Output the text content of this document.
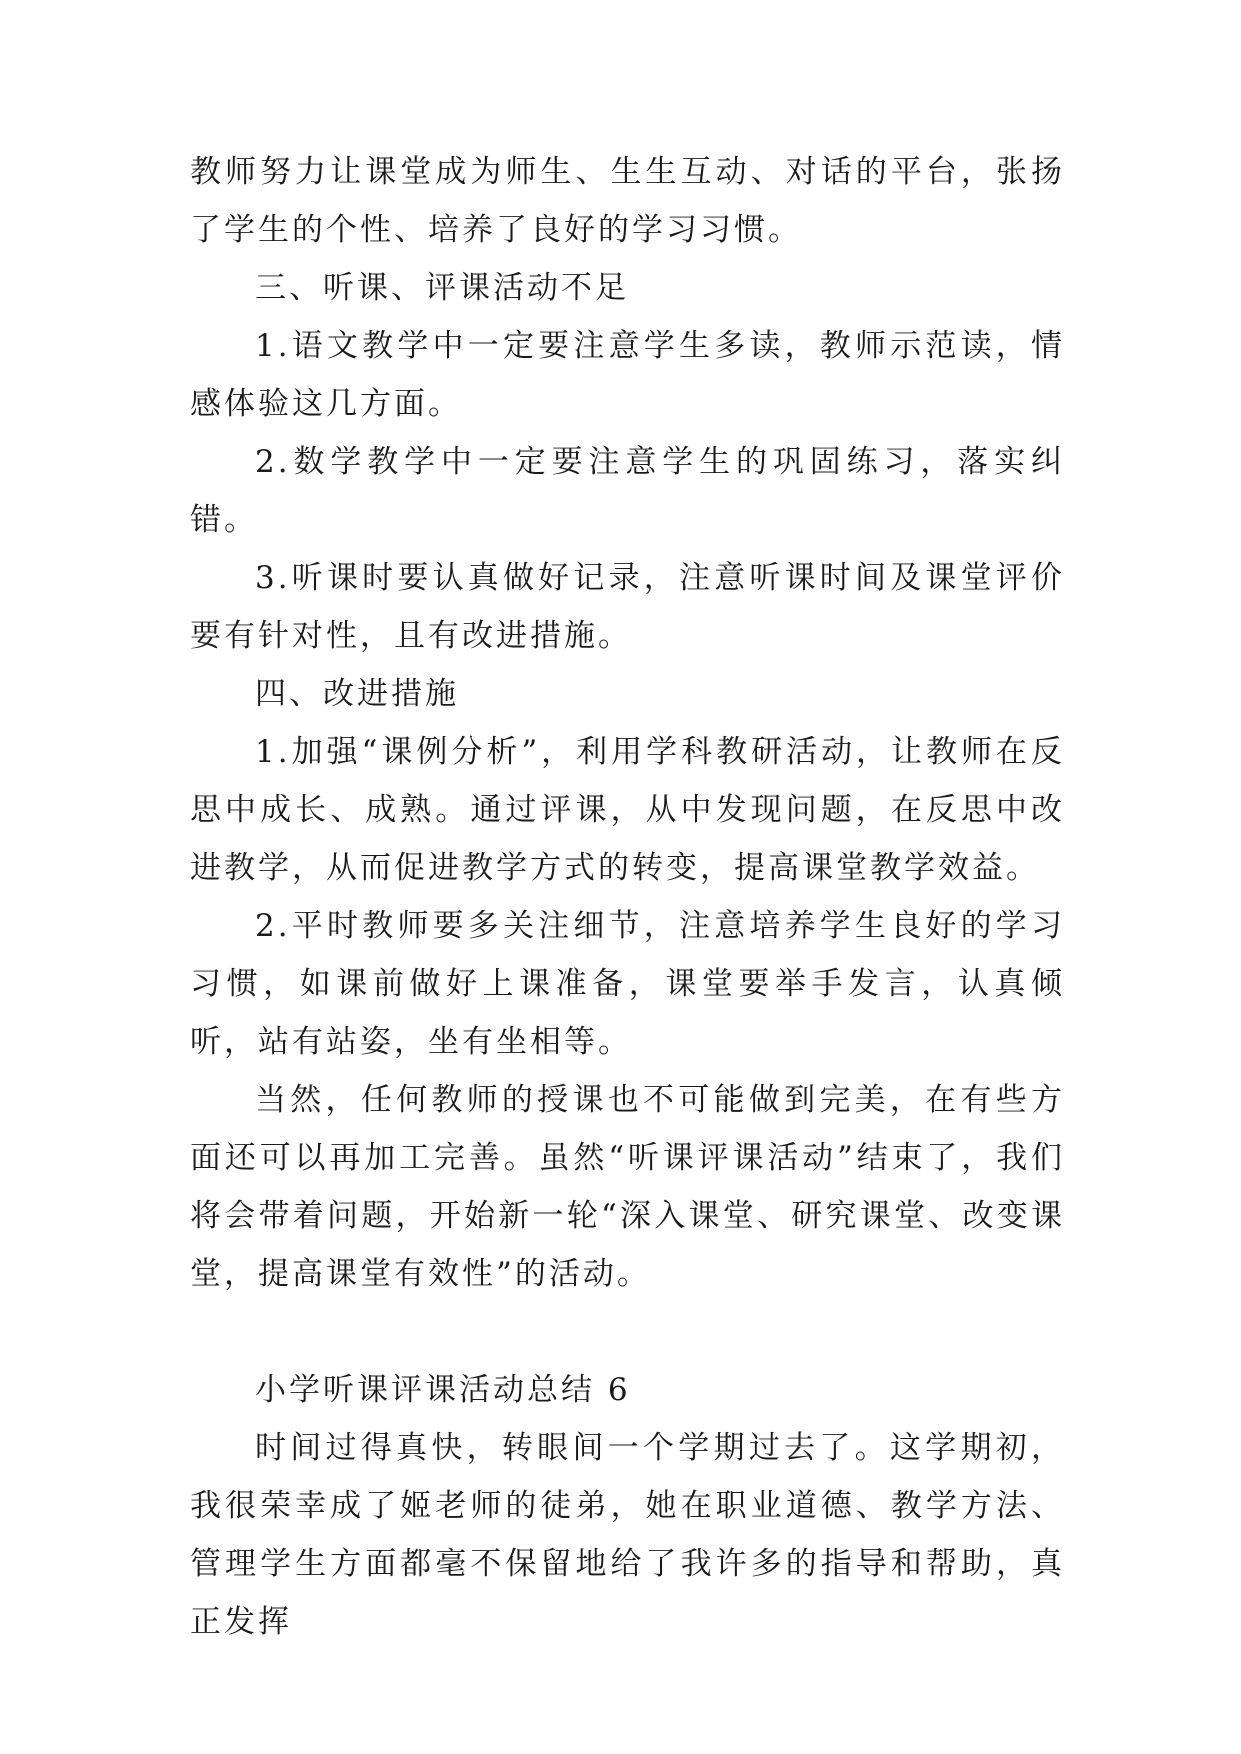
教师努力让课堂成为师生、生生互动、对话的平台，张扬了学生的个性、培养了良好的学习习惯。

三、听课、评课活动不足

1.语文教学中一定要注意学生多读，教师示范读，情感体验这几方面。

2.数学教学中一定要注意学生的巩固练习，落实纠错。

3.听课时要认真做好记录，注意听课时间及课堂评价要有针对性，且有改进措施。

四、改进措施

1.加强“课例分析”，利用学科教研活动，让教师在反思中成长、成熟。通过评课，从中发现问题，在反思中改进教学，从而促进教学方式的转变，提高课堂教学效益。

2.平时教师要多关注细节，注意培养学生良好的学习习惯，如课前做好上课准备，课堂要举手发言，认真倾听，站有站姿，坐有坐相等。

当然，任何教师的授课也不可能做到完美，在有些方面还可以再加工完善。虽然“听课评课活动”结束了，我们将会带着问题，开始新一轮“深入课堂、研究课堂、改变课堂，提高课堂有效性”的活动。

小学听课评课活动总结 6

时间过得真快，转眼间一个学期过去了。这学期初，我很荣幸成了姬老师的徒弟，她在职业道德、教学方法、管理学生方面都毫不保留地给了我许多的指导和帮助，真正发挥
